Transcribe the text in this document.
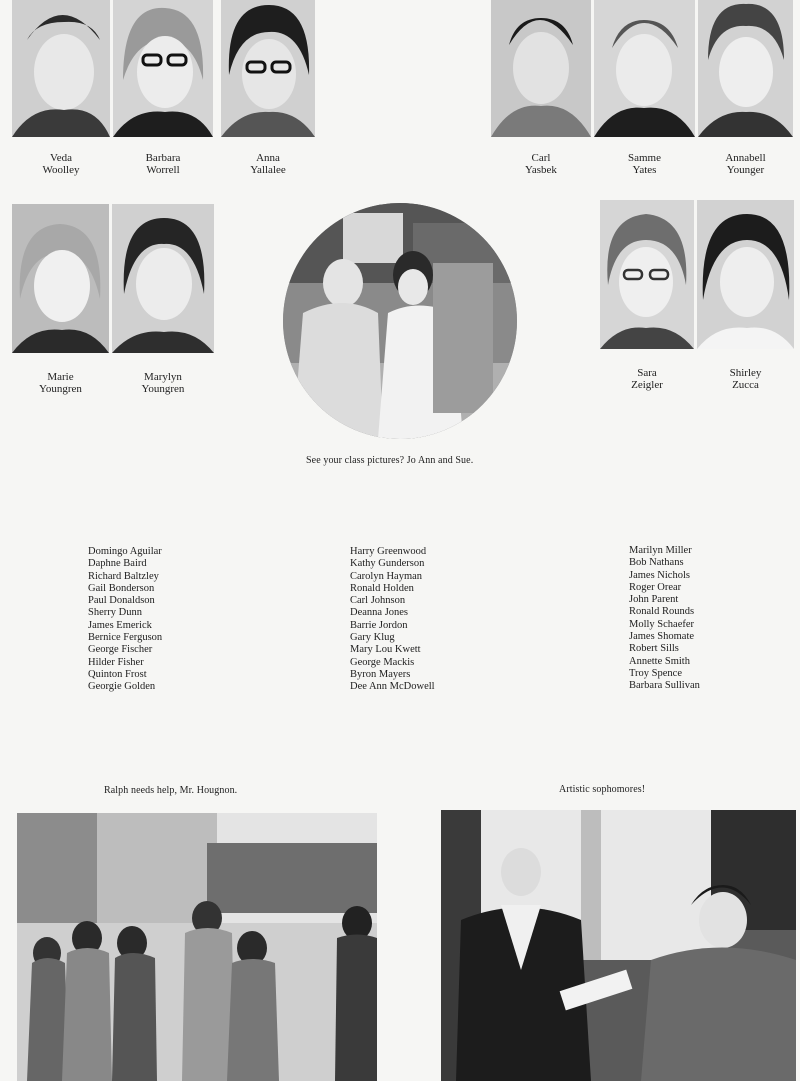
Veda
Woolley
Barbara
Worrell
Anna
Yallalee
Carl
Yasbek
Samme
Yates
Annabell
Younger
Marie
Youngren
Marylyn
Youngren
See your class pictures? Jo Ann and Sue.
Sara
Zeigler
Shirley
Zucca
Domingo Aguilar
Daphne Baird
Richard Baltzley
Gail Bonderson
Paul Donaldson
Sherry Dunn
James Emerick
Bernice Ferguson
George Fischer
Hilder Fisher
Quinton Frost
Georgie Golden
Harry Greenwood
Kathy Gunderson
Carolyn Hayman
Ronald Holden
Carl Johnson
Deanna Jones
Barrie Jordon
Gary Klug
Mary Lou Kwett
George Mackis
Byron Mayers
Dee Ann McDowell
Marilyn Miller
Bob Nathans
James Nichols
Roger Orear
John Parent
Ronald Rounds
Molly Schaefer
James Shomate
Robert Sills
Annette Smith
Troy Spence
Barbara Sullivan
Ralph needs help, Mr. Hougnon.	Artistic sophomores!
